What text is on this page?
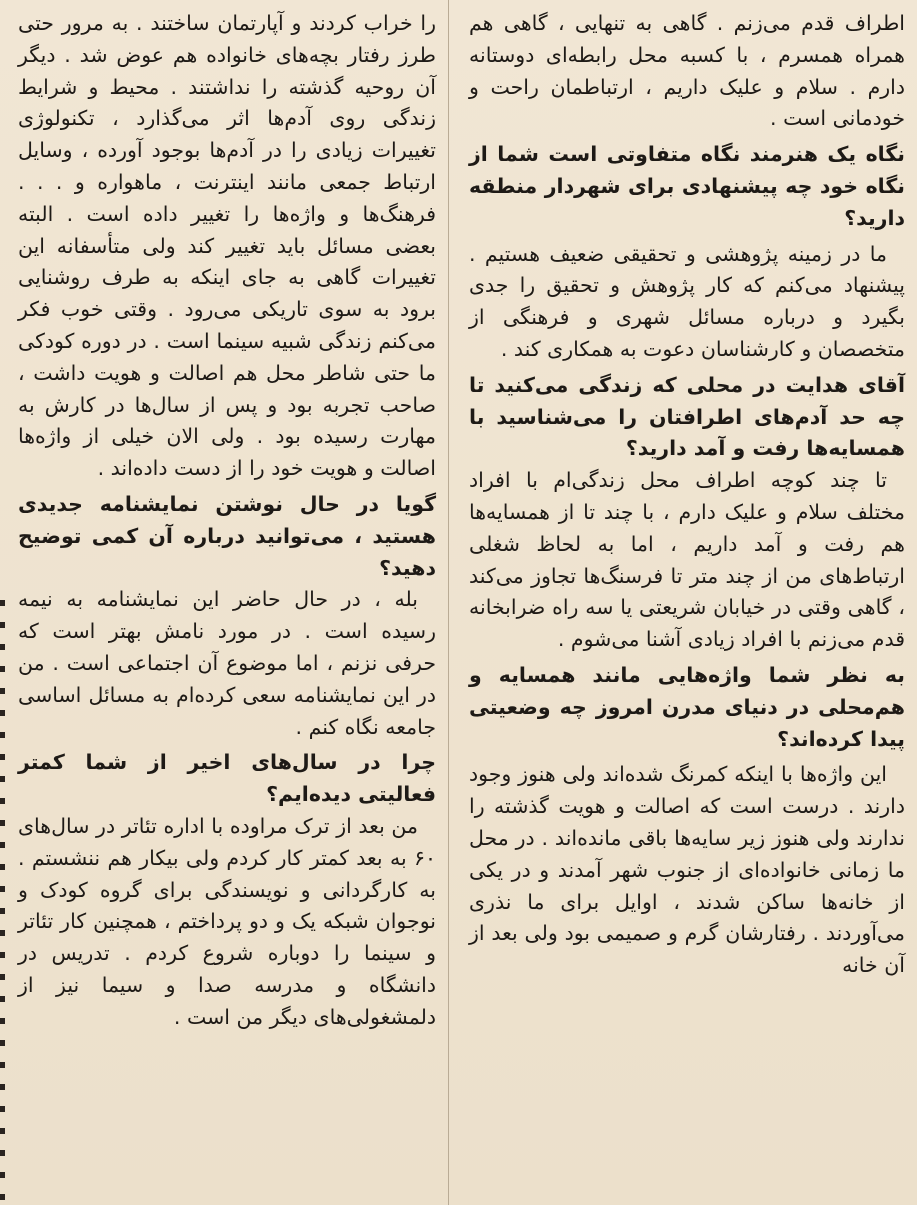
اطراف قدم می‌زنم . گاهی به تنهایی ، گاهی هم همراه همسرم ، با کسبه محل رابطه‌ای دوستانه دارم . سلام و علیک داریم ، ارتباطمان راحت و خودمانی است .

نگاه یک هنرمند نگاه متفاوتی است شما از نگاه خود چه پیشنهادی برای شهردار منطقه دارید؟

ما در زمینه پژوهشی و تحقیقی ضعیف هستیم . پیشنهاد می‌کنم که کار پژوهش و تحقیق را جدی بگیرد و درباره مسائل شهری و فرهنگی از متخصصان و کارشناسان دعوت به همکاری کند .

آقای هدایت در محلی که زندگی می‌کنید تا چه حد آدم‌های اطرافتان را می‌شناسید با همسایه‌ها رفت و آمد دارید؟

تا چند کوچه اطراف محل زندگی‌ام با افراد مختلف سلام و علیک دارم ، با چند تا از همسایه‌ها هم رفت و آمد داریم ، اما به لحاظ شغلی ارتباط‌های من از چند متر تا فرسنگ‌ها تجاوز می‌کند ، گاهی وقتی در خیابان شریعتی یا سه راه ضرابخانه قدم می‌زنم با افراد زیادی آشنا می‌شوم .

به نظر شما واژه‌هایی مانند همسایه و هم‌محلی در دنیای مدرن امروز چه وضعیتی پیدا کرده‌اند؟

این واژه‌ها با اینکه کمرنگ شده‌اند ولی هنوز وجود دارند . درست است که اصالت و هویت گذشته را ندارند ولی هنوز زیر سایه‌ها باقی مانده‌اند . در محل ما زمانی خانواده‌ای از جنوب شهر آمدند و در یکی از خانه‌ها ساکن شدند ، اوایل برای ما نذری می‌آوردند . رفتارشان گرم و صمیمی بود ولی بعد از آن خانه

را خراب کردند و آپارتمان ساختند . به مرور حتی طرز رفتار بچه‌های خانواده هم عوض شد . دیگر آن روحیه گذشته را نداشتند . محیط و شرایط زندگی روی آدم‌ها اثر می‌گذارد ، تکنولوژی تغییرات زیادی را در آدم‌ها بوجود آورده ، وسایل ارتباط جمعی مانند اینترنت ، ماهواره و . . . فرهنگ‌ها و واژه‌ها را تغییر داده است . البته بعضی مسائل باید تغییر کند ولی متأسفانه این تغییرات گاهی به جای اینکه به طرف روشنایی برود به سوی تاریکی می‌رود . وقتی خوب فکر می‌کنم زندگی شبیه سینما است . در دوره کودکی ما حتی شاطر محل هم اصالت و هویت داشت ، صاحب تجربه بود و پس از سال‌ها در کارش به مهارت رسیده بود . ولی الان خیلی از واژه‌ها اصالت و هویت خود را از دست داده‌اند .

گویا در حال نوشتن نمایشنامه جدیدی هستید ، می‌توانید درباره آن کمی توضیح دهید؟

بله ، در حال حاضر این نمایشنامه به نیمه رسیده است . در مورد نامش بهتر است که حرفی نزنم ، اما موضوع آن اجتماعی است . من در این نمایشنامه سعی کرده‌ام به مسائل اساسی جامعه نگاه کنم .

چرا در سال‌های اخیر از شما کمتر فعالیتی دیده‌ایم؟

من بعد از ترک مراوده با اداره تئاتر در سال‌های ۶۰ به بعد کمتر کار کردم ولی بیکار هم ننشستم . به کارگردانی و نویسندگی برای گروه کودک و نوجوان شبکه یک و دو پرداختم ، همچنین کار تئاتر و سینما را دوباره شروع کردم . تدریس در دانشگاه و مدرسه صدا و سیما نیز از دلمشغولی‌های دیگر من است .
